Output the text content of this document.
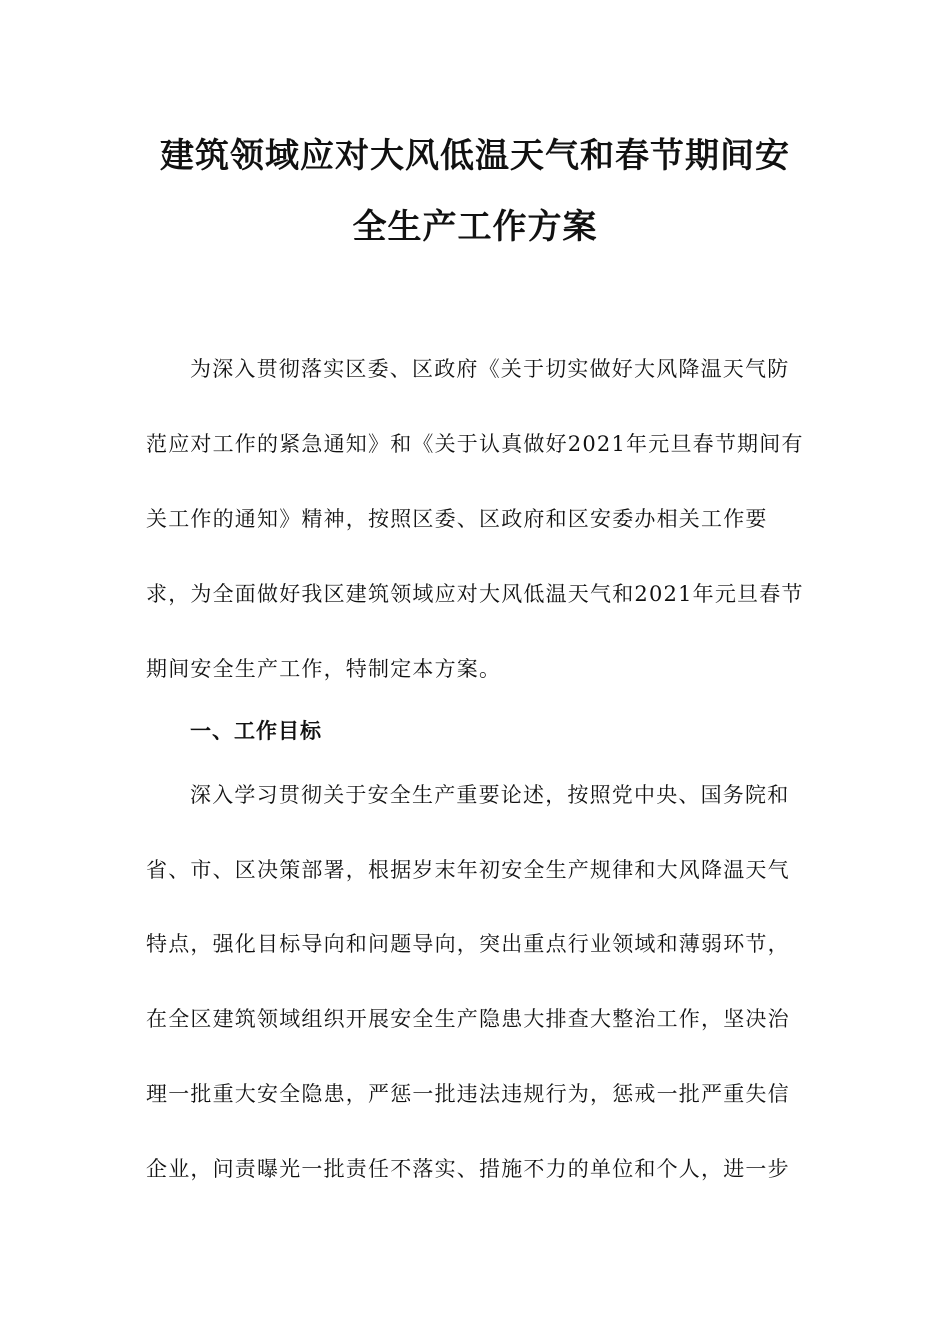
建筑领域应对大风低温天气和春节期间安
全生产工作方案
为深入贯彻落实区委、区政府《关于切实做好大风降温天气防
范应对工作的紧急通知》和《关于认真做好2021年元旦春节期间有
关工作的通知》精神，按照区委、区政府和区安委办相关工作要
求，为全面做好我区建筑领域应对大风低温天气和2021年元旦春节
期间安全生产工作，特制定本方案。
一、工作目标
深入学习贯彻关于安全生产重要论述，按照党中央、国务院和
省、市、区决策部署，根据岁末年初安全生产规律和大风降温天气
特点，强化目标导向和问题导向，突出重点行业领域和薄弱环节，
在全区建筑领域组织开展安全生产隐患大排查大整治工作，坚决治
理一批重大安全隐患，严惩一批违法违规行为，惩戒一批严重失信
企业，问责曝光一批责任不落实、措施不力的单位和个人，进一步
